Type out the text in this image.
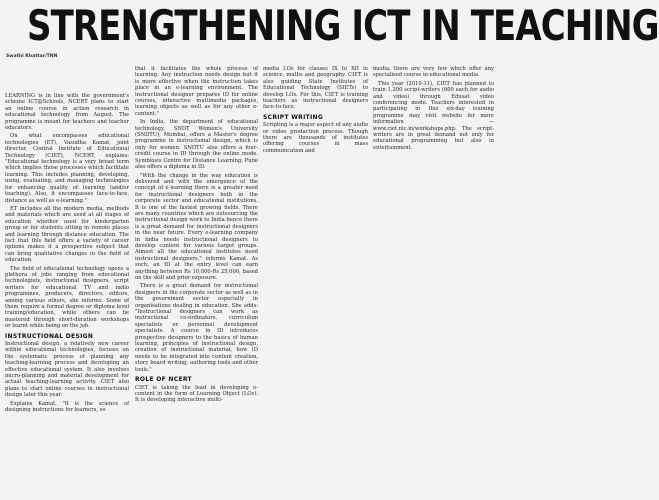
STRENGTHENING ICT IN TEACHING
Swathi Khattar/TNN

LEARNING is in line with the government's scheme ICT@Schools, NCERT plans to start an online course in action research in educational technology from August. The programme is meant for teachers and teacher educators.

On what encompasses educational technologies (ET), Vasudha Kamat, joint director, Central Institute of Educational Technology (CIET), NCERT, explains: "Educational technology is a very broad term which implies those processes which facilitate learning. This includes planning, developing, using, evaluating, and managing technologies for enhancing quality of learning (and/or teaching). Also, it encompasses face-to-face, distance as well as e-learning."

ET includes all the modern media, methods and materials which are used at all stages of education whether used for kindergarten group or for students sitting in remote places and learning through distance education. The fact that this field offers a variety of career options makes it a prospective subject that can bring qualitative changes in the field of education.

The field of educational technology opens a plethora of jobs ranging from educational technologists, instructional designers, script writers for educational TV and radio programmes, producers, directors, editors, among various others, she informs. Some of them require a formal degree or diploma level training/education, while others can be mastered through short-duration workshops or learnt while being on the job.

INSTRUCTIONAL DESIGN

Instructional design, a relatively new career within educational technologies, focuses on the systematic process of planning any teaching-learning process and developing an effective educational system. It also involves micro-planning and material development for actual teaching-learning activity. CIET also plans to start online courses in instructional design later this year.

Explains Kamat, "It is the science of designing instructions for learners, so

that it facilitates the whole process of learning. Any instruction needs design but it is more effective when the instruction takes place in an e-learning environment. The instructional designer prepares ID for online courses, interactive multimedia packages, learning objects as well as for any other e-content."

In India, the department of educational technology, SNDT Women's University (SNDTU), Mumbai, offers a Master's degree programme in instructional design, which is only for women. SNDTU also offers a four-credit course in ID through the online mode. Symbiosis Centre for Distance Learning, Pune also offers a diploma in ID.

"With the change in the way education is delivered and with the emergence of the concept of e-learning there is a greater need for instructional designers both in the corporate sector and educational institutions. It is one of the fastest growing fields. There are many countries which are outsourcing the instructional design work to India hence there is a great demand for instructional designers in the near future. Every e-learning company in India needs instructional designers to develop content for various target groups. Almost all the educational institutes need instructional designers," informs Kamat. As such, an ID at the entry level can earn anything between Rs 10,000-Rs 25,000, based on the skill and prior exposure.

There is a great demand for instructional designers in the corporate sector as well as in the government sector especially in organisations dealing in education. She adds: "Instructional designers can work as instructional co-ordinators, curriculum specialists or personnel development specialists. A course in ID introduces prospective designers to the basics of human learning, principles of instructional design, creation of instructional material, how ID needs to be integrated into content creation, story board writing, authoring tools and other tools."

ROLE OF NCERT

CIET is taking the lead in developing e-content in the form of Learning Object (LOs). It is developing interactive multi-

media LOs for classes IX to XII in science, maths and geography. CIET is also guiding State Institutes of Educational Technology (SIETs) to develop LOs. For this, CIET is training teachers as instructional designers face-to-face.

SCRIPT WRITING

Scripting is a major aspect of any audio or video production process. Though there are thousands of institutes offering courses in mass communication and

media, there are very few which offer any specialised course in educational media.

This year (2010-11), CIET has planned to train 1,200 script-writers (600 each for audio and video) through Edusat video conferencing mode. Teachers interested in participating in this six-day training programme may visit website for more information — www.ciet.nic.in/workshops.php. The script-writers are in great demand not only for educational programming but also in entertainment.
